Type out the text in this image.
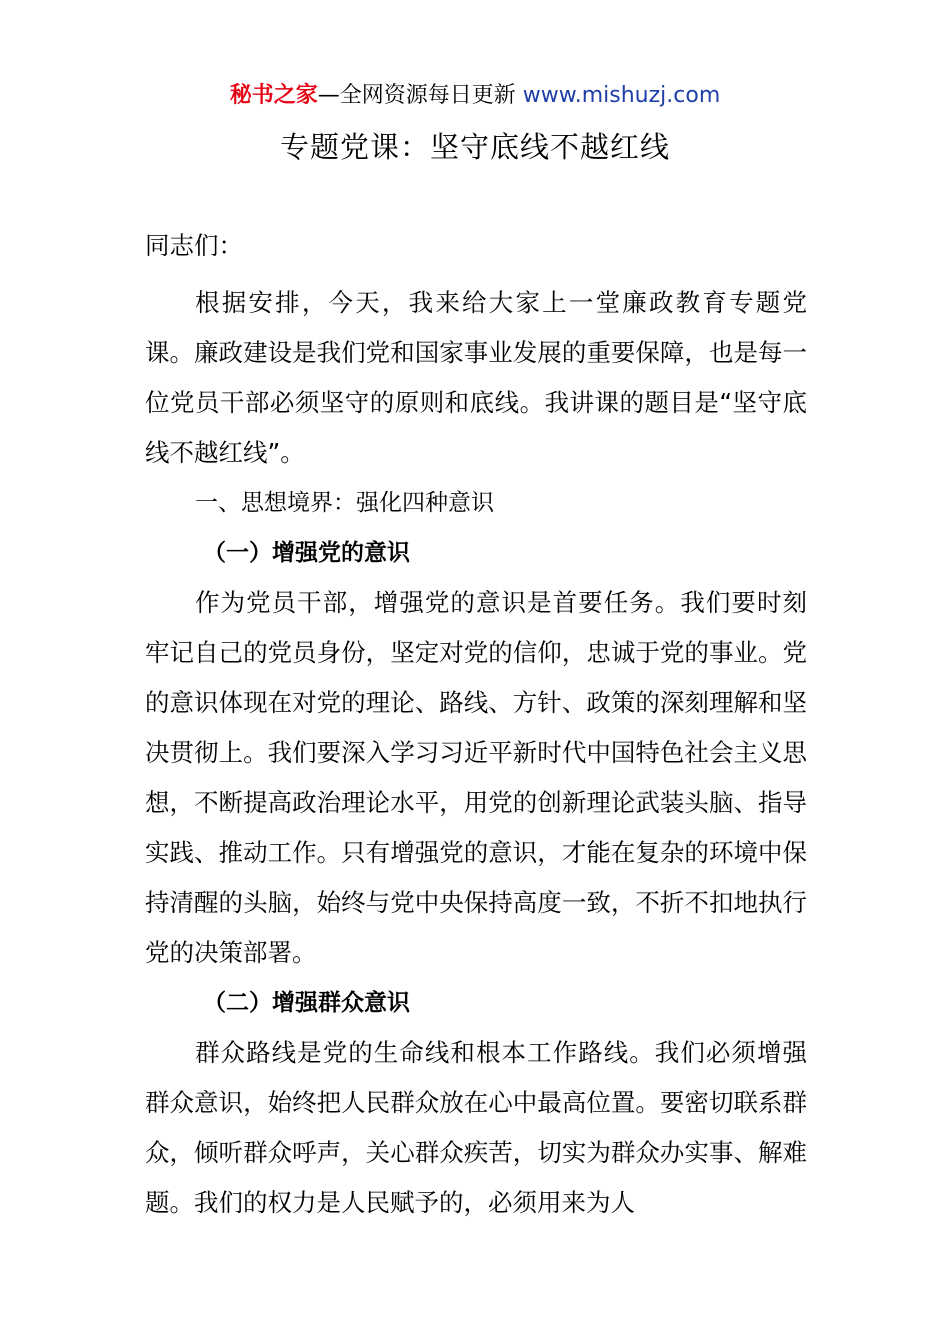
秘书之家—全网资源每日更新 www.mishuzj.com
专题党课：坚守底线不越红线

同志们：

根据安排，今天，我来给大家上一堂廉政教育专题党课。廉政建设是我们党和国家事业发展的重要保障，也是每一位党员干部必须坚守的原则和底线。我讲课的题目是“坚守底线不越红线”。

一、思想境界：强化四种意识

（一）增强党的意识

作为党员干部，增强党的意识是首要任务。我们要时刻牢记自己的党员身份，坚定对党的信仰，忠诚于党的事业。党的意识体现在对党的理论、路线、方针、政策的深刻理解和坚决贯彻上。我们要深入学习习近平新时代中国特色社会主义思想，不断提高政治理论水平，用党的创新理论武装头脑、指导实践、推动工作。只有增强党的意识，才能在复杂的环境中保持清醒的头脑，始终与党中央保持高度一致，不折不扣地执行党的决策部署。

（二）增强群众意识

群众路线是党的生命线和根本工作路线。我们必须增强群众意识，始终把人民群众放在心中最高位置。要密切联系群众，倾听群众呼声，关心群众疾苦，切实为群众办实事、解难题。我们的权力是人民赋予的，必须用来为人
